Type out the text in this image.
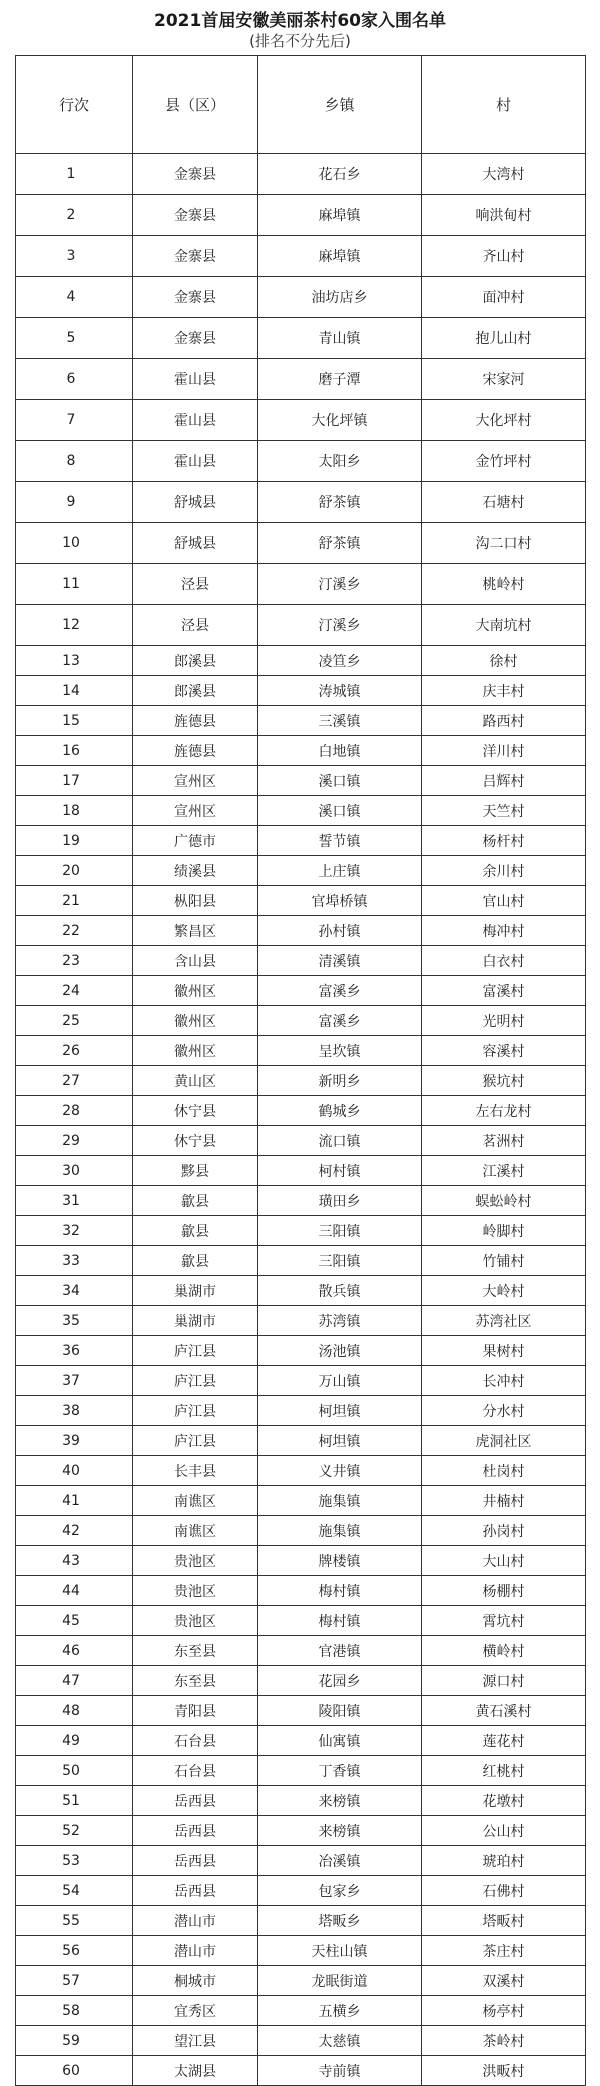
2021首届安徽美丽茶村60家入围名单
(排名不分先后)
行次	县（区）	乡镇	村
1	金寨县	花石乡	大湾村
2	金寨县	麻埠镇	响洪甸村
3	金寨县	麻埠镇	齐山村
4	金寨县	油坊店乡	面冲村
5	金寨县	青山镇	抱儿山村
6	霍山县	磨子潭	宋家河
7	霍山县	大化坪镇	大化坪村
8	霍山县	太阳乡	金竹坪村
9	舒城县	舒茶镇	石塘村
10	舒城县	舒茶镇	沟二口村
11	泾县	汀溪乡	桃岭村
12	泾县	汀溪乡	大南坑村
13	郎溪县	凌笪乡	徐村
14	郎溪县	涛城镇	庆丰村
15	旌德县	三溪镇	路西村
16	旌德县	白地镇	洋川村
17	宣州区	溪口镇	吕辉村
18	宣州区	溪口镇	天竺村
19	广德市	誓节镇	杨杆村
20	绩溪县	上庄镇	余川村
21	枞阳县	官埠桥镇	官山村
22	繁昌区	孙村镇	梅冲村
23	含山县	清溪镇	白衣村
24	徽州区	富溪乡	富溪村
25	徽州区	富溪乡	光明村
26	徽州区	呈坎镇	容溪村
27	黄山区	新明乡	猴坑村
28	休宁县	鹤城乡	左右龙村
29	休宁县	流口镇	茗洲村
30	黟县	柯村镇	江溪村
31	歙县	璜田乡	蜈蚣岭村
32	歙县	三阳镇	岭脚村
33	歙县	三阳镇	竹铺村
34	巢湖市	散兵镇	大岭村
35	巢湖市	苏湾镇	苏湾社区
36	庐江县	汤池镇	果树村
37	庐江县	万山镇	长冲村
38	庐江县	柯坦镇	分水村
39	庐江县	柯坦镇	虎洞社区
40	长丰县	义井镇	杜岗村
41	南谯区	施集镇	井楠村
42	南谯区	施集镇	孙岗村
43	贵池区	牌楼镇	大山村
44	贵池区	梅村镇	杨棚村
45	贵池区	梅村镇	霄坑村
46	东至县	官港镇	横岭村
47	东至县	花园乡	源口村
48	青阳县	陵阳镇	黄石溪村
49	石台县	仙寓镇	莲花村
50	石台县	丁香镇	红桃村
51	岳西县	来榜镇	花墩村
52	岳西县	来榜镇	公山村
53	岳西县	冶溪镇	琥珀村
54	岳西县	包家乡	石佛村
55	潜山市	塔畈乡	塔畈村
56	潜山市	天柱山镇	茶庄村
57	桐城市	龙眠街道	双溪村
58	宜秀区	五横乡	杨亭村
59	望江县	太慈镇	茶岭村
60	太湖县	寺前镇	洪畈村
